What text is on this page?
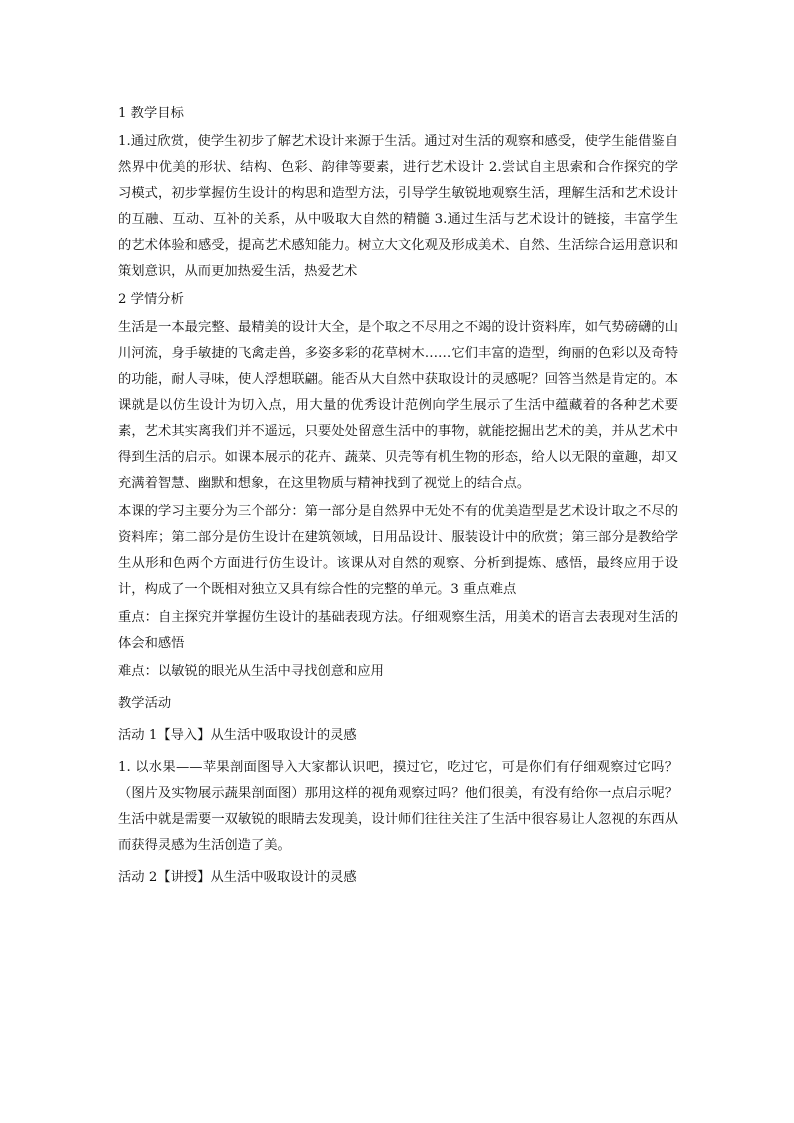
1 教学目标

1.通过欣赏，使学生初步了解艺术设计来源于生活。通过对生活的观察和感受，使学生能借鉴自然界中优美的形状、结构、色彩、韵律等要素，进行艺术设计 2.尝试自主思索和合作探究的学习模式，初步掌握仿生设计的构思和造型方法，引导学生敏锐地观察生活，理解生活和艺术设计的互融、互动、互补的关系，从中吸取大自然的精髓 3.通过生活与艺术设计的链接，丰富学生的艺术体验和感受，提高艺术感知能力。树立大文化观及形成美术、自然、生活综合运用意识和策划意识，从而更加热爱生活，热爱艺术

2 学情分析

生活是一本最完整、最精美的设计大全，是个取之不尽用之不竭的设计资料库，如气势磅礴的山川河流，身手敏捷的飞禽走兽，多姿多彩的花草树木……它们丰富的造型，绚丽的色彩以及奇特的功能，耐人寻味，使人浮想联翩。能否从大自然中获取设计的灵感呢？回答当然是肯定的。本课就是以仿生设计为切入点，用大量的优秀设计范例向学生展示了生活中蕴藏着的各种艺术要素，艺术其实离我们并不遥远，只要处处留意生活中的事物，就能挖掘出艺术的美，并从艺术中得到生活的启示。如课本展示的花卉、蔬菜、贝壳等有机生物的形态，给人以无限的童趣，却又充满着智慧、幽默和想象，在这里物质与精神找到了视觉上的结合点。

本课的学习主要分为三个部分：第一部分是自然界中无处不有的优美造型是艺术设计取之不尽的资料库；第二部分是仿生设计在建筑领域，日用品设计、服装设计中的欣赏；第三部分是教给学生从形和色两个方面进行仿生设计。该课从对自然的观察、分析到提炼、感悟，最终应用于设计，构成了一个既相对独立又具有综合性的完整的单元。3 重点难点

重点：自主探究并掌握仿生设计的基础表现方法。仔细观察生活，用美术的语言去表现对生活的体会和感悟

难点：以敏锐的眼光从生活中寻找创意和应用

教学活动

活动 1【导入】从生活中吸取设计的灵感

1. 以水果——苹果剖面图导入大家都认识吧，摸过它，吃过它，可是你们有仔细观察过它吗？（图片及实物展示蔬果剖面图）那用这样的视角观察过吗？他们很美，有没有给你一点启示呢？生活中就是需要一双敏锐的眼睛去发现美，设计师们往往关注了生活中很容易让人忽视的东西从而获得灵感为生活创造了美。

活动 2【讲授】从生活中吸取设计的灵感
